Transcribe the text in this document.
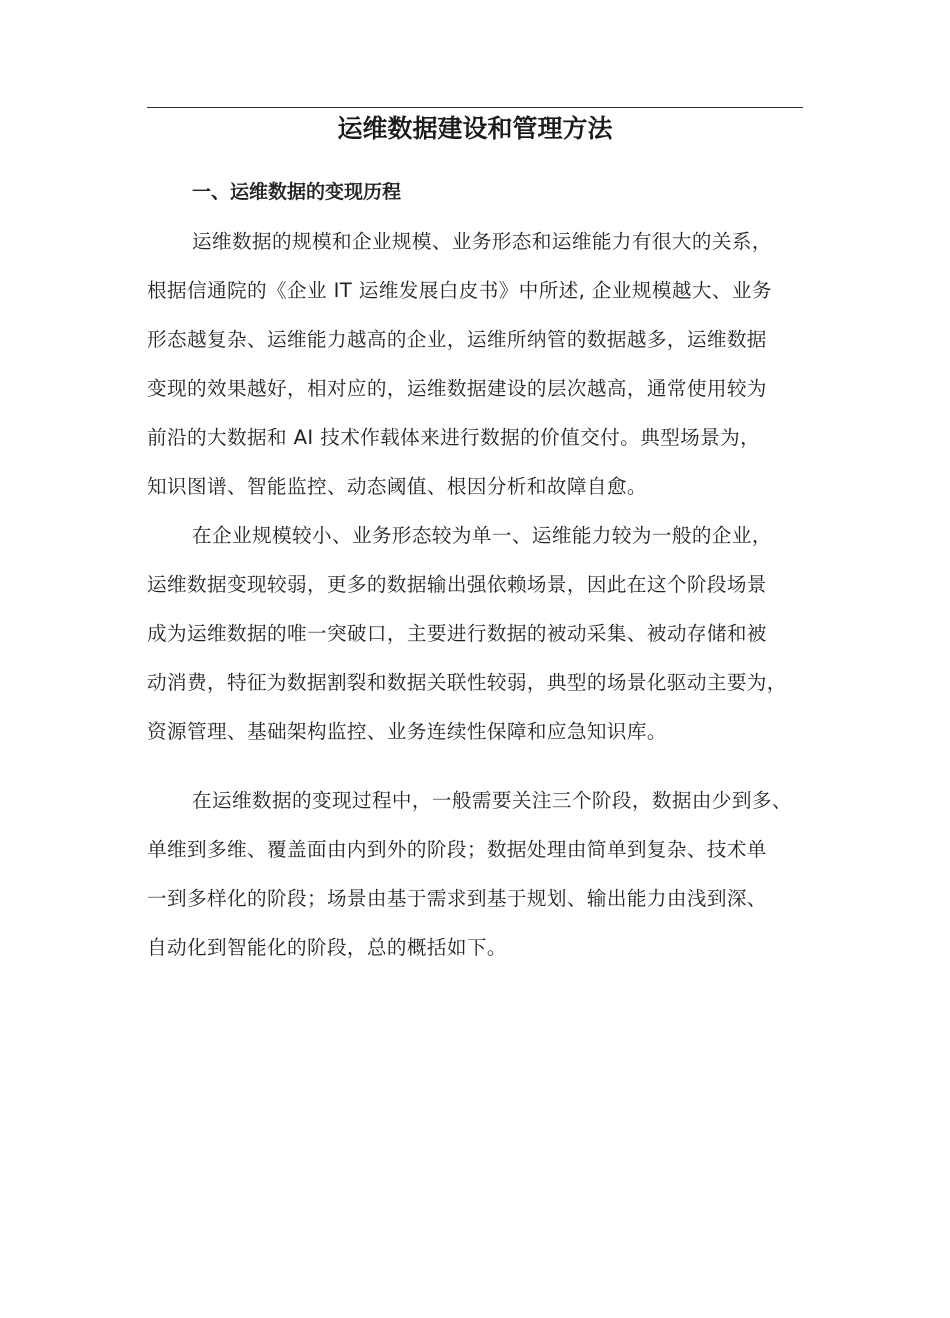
运维数据建设和管理方法
一、运维数据的变现历程

运维数据的规模和企业规模、业务形态和运维能力有很大的关系，

根据信通院的《企业 IT 运维发展白皮书》中所述, 企业规模越大、业务

形态越复杂、运维能力越高的企业，运维所纳管的数据越多，运维数据

变现的效果越好，相对应的，运维数据建设的层次越高，通常使用较为

前沿的大数据和 AI 技术作载体来进行数据的价值交付。典型场景为，

知识图谱、智能监控、动态阈值、根因分析和故障自愈。

在企业规模较小、业务形态较为单一、运维能力较为一般的企业，

运维数据变现较弱，更多的数据输出强依赖场景，因此在这个阶段场景

成为运维数据的唯一突破口，主要进行数据的被动采集、被动存储和被

动消费，特征为数据割裂和数据关联性较弱，典型的场景化驱动主要为，

资源管理、基础架构监控、业务连续性保障和应急知识库。

在运维数据的变现过程中，一般需要关注三个阶段，数据由少到多、

单维到多维、覆盖面由内到外的阶段；数据处理由简单到复杂、技术单

一到多样化的阶段；场景由基于需求到基于规划、输出能力由浅到深、

自动化到智能化的阶段，总的概括如下。
